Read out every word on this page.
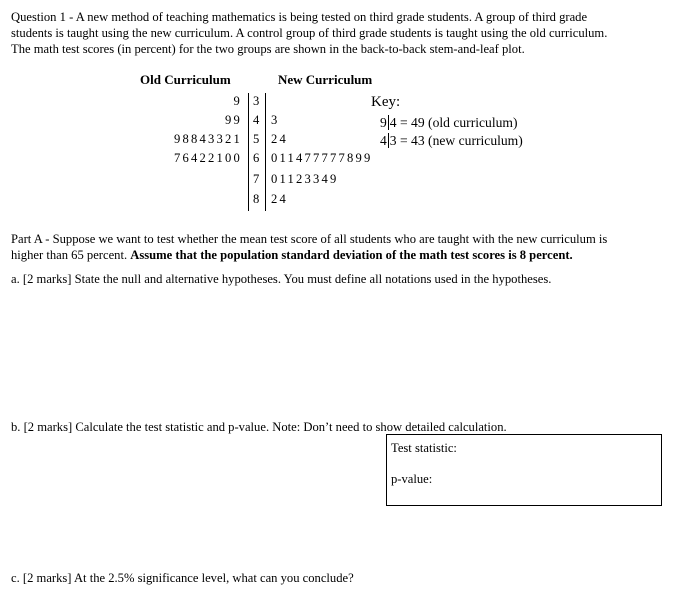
Question 1 - A new method of teaching mathematics is being tested on third grade students. A group of third grade
students is taught using the new curriculum. A control group of third grade students is taught using the old curriculum.
The math test scores (in percent) for the two groups are shown in the back-to-back stem-and-leaf plot.
Old Curriculum	New Curriculum
9 3
99 4 3
98843321 5 24
76422100 6 011477777899
7 01123349
8 24
Key:
9 4 = 49 (old curriculum)
4 3 = 43 (new curriculum)
Part A - Suppose we want to test whether the mean test score of all students who are taught with the new curriculum is
higher than 65 percent. Assume that the population standard deviation of the math test scores is 8 percent.
a. [2 marks] State the null and alternative hypotheses. You must define all notations used in the hypotheses.
b. [2 marks] Calculate the test statistic and p-value. Note: Don’t need to show detailed calculation.
Test statistic:
p-value:
c. [2 marks] At the 2.5% significance level, what can you conclude?
